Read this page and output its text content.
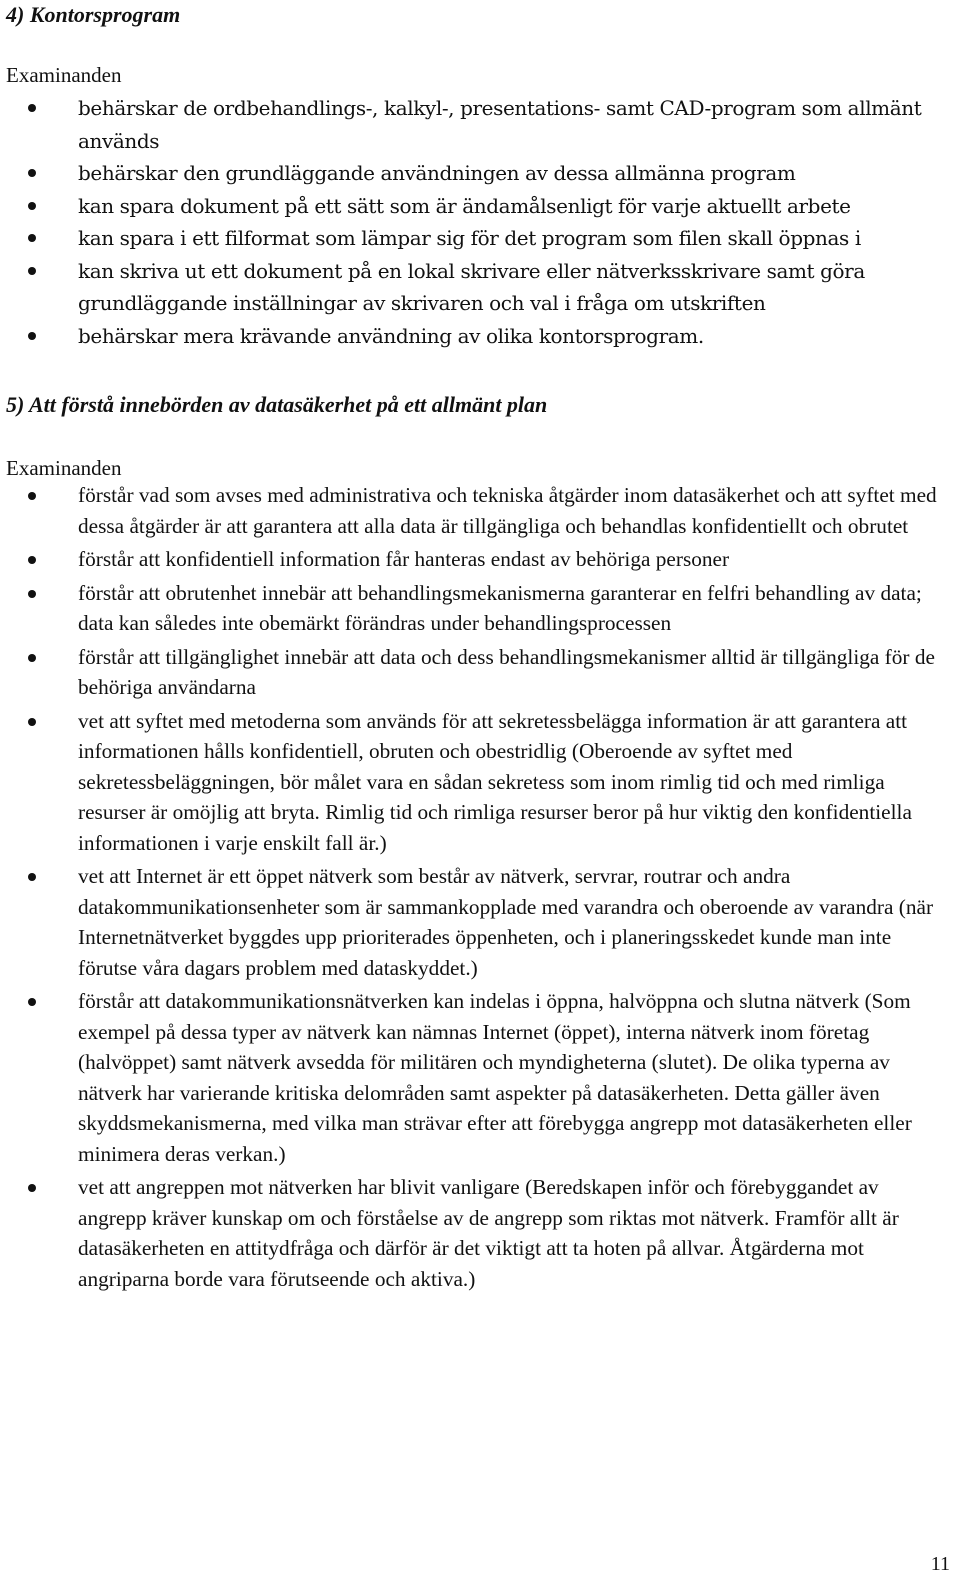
4) Kontorsprogram

Examinanden

behärskar de ordbehandlings-, kalkyl-, presentations- samt CAD-program som allmänt används
behärskar den grundläggande användningen av dessa allmänna program
kan spara dokument på ett sätt som är ändamålsenligt för varje aktuellt arbete
kan spara i ett filformat som lämpar sig för det program som filen skall öppnas i
kan skriva ut ett dokument på en lokal skrivare eller nätverksskrivare samt göra grundläggande inställningar av skrivaren och val i fråga om utskriften
behärskar mera krävande användning av olika kontorsprogram.
5) Att förstå innebörden av datasäkerhet på ett allmänt plan

Examinanden

förstår vad som avses med administrativa och tekniska åtgärder inom datasäkerhet och att syftet med dessa åtgärder är att garantera att alla data är tillgängliga och behandlas konfidentiellt och obrutet
förstår att konfidentiell information får hanteras endast av behöriga personer
förstår att obrutenhet innebär att behandlingsmekanismerna garanterar en felfri behandling av data; data kan således inte obemärkt förändras under behandlingsprocessen
förstår att tillgänglighet innebär att data och dess behandlingsmekanismer alltid är tillgängliga för de behöriga användarna
vet att syftet med metoderna som används för att sekretessbelägga information är att garantera att informationen hålls konfidentiell, obruten och obestridlig (Oberoende av syftet med sekretessbeläggningen, bör målet vara en sådan sekretess som inom rimlig tid och med rimliga resurser är omöjlig att bryta. Rimlig tid och rimliga resurser beror på hur viktig den konfidentiella informationen i varje enskilt fall är.)
vet att Internet är ett öppet nätverk som består av nätverk, servrar, routrar och andra datakommunikationsenheter som är sammankopplade med varandra och oberoende av varandra (när Internetnätverket byggdes upp prioriterades öppenheten, och i planeringsskedet kunde man inte förutse våra dagars problem med dataskyddet.)
förstår att datakommunikationsnätverken kan indelas i öppna, halvöppna och slutna nätverk (Som exempel på dessa typer av nätverk kan nämnas Internet (öppet), interna nätverk inom företag (halvöppet) samt nätverk avsedda för militären och myndigheterna (slutet). De olika typerna av nätverk har varierande kritiska delområden samt aspekter på datasäkerheten. Detta gäller även skyddsmekanismerna, med vilka man strävar efter att förebygga angrepp mot datasäkerheten eller minimera deras verkan.)
vet att angreppen mot nätverken har blivit vanligare (Beredskapen inför och förebyggandet av angrepp kräver kunskap om och förståelse av de angrepp som riktas mot nätverk. Framför allt är datasäkerheten en attitydfråga och därför är det viktigt att ta hoten på allvar. Åtgärderna mot angriparna borde vara förutseende och aktiva.)
11
